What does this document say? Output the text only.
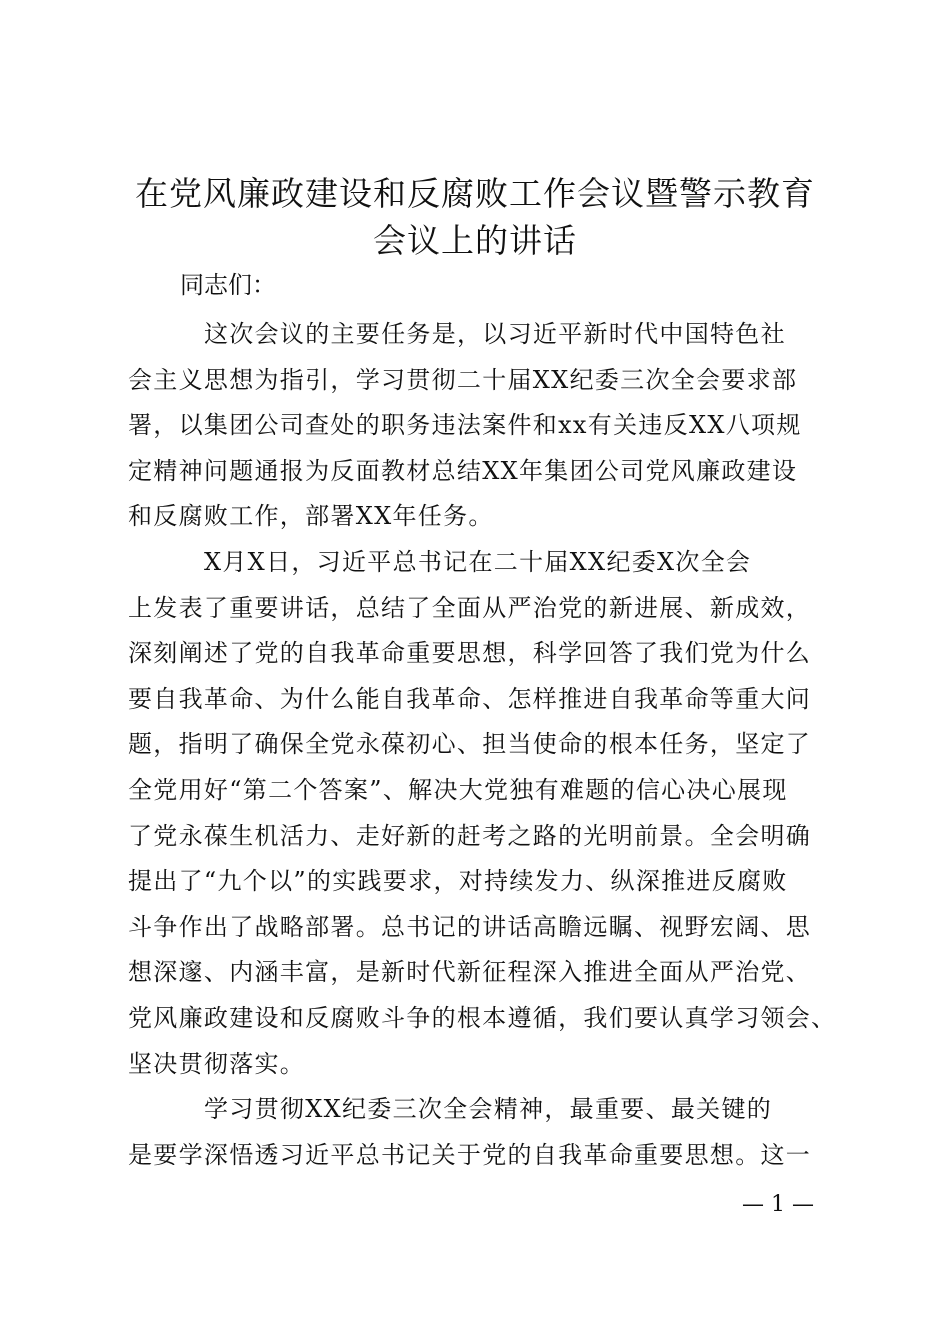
在党风廉政建设和反腐败工作会议暨警示教育
会议上的讲话

同志们：

这次会议的主要任务是，以习近平新时代中国特色社
会主义思想为指引，学习贯彻二十届XX纪委三次全会要求部
署，以集团公司查处的职务违法案件和xx有关违反XX八项规
定精神问题通报为反面教材总结XX年集团公司党风廉政建设
和反腐败工作，部署XX年任务。

X月X日，习近平总书记在二十届XX纪委X次全会
上发表了重要讲话，总结了全面从严治党的新进展、新成效，
深刻阐述了党的自我革命重要思想，科学回答了我们党为什么
要自我革命、为什么能自我革命、怎样推进自我革命等重大问
题，指明了确保全党永葆初心、担当使命的根本任务，坚定了
全党用好“第二个答案”、解决大党独有难题的信心决心展现
了党永葆生机活力、走好新的赶考之路的光明前景。全会明确
提出了“九个以”的实践要求，对持续发力、纵深推进反腐败
斗争作出了战略部署。总书记的讲话高瞻远瞩、视野宏阔、思
想深邃、内涵丰富，是新时代新征程深入推进全面从严治党、
党风廉政建设和反腐败斗争的根本遵循，我们要认真学习领会、
坚决贯彻落实。

学习贯彻XX纪委三次全会精神，最重要、最关键的
是要学深悟透习近平总书记关于党的自我革命重要思想。这一

— 1 —
